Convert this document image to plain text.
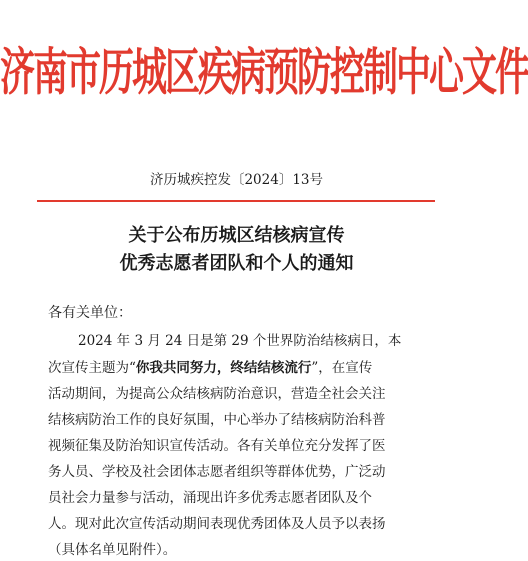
济南市历城区疾病预防控制中心文件
济历城疾控发〔2024〕13号
关于公布历城区结核病宣传
优秀志愿者团队和个人的通知
各有关单位：
2024 年 3 月 24 日是第 29 个世界防治结核病日，本
次宣传主题为“你我共同努力，终结结核流行”，在宣传
活动期间，为提高公众结核病防治意识，营造全社会关注
结核病防治工作的良好氛围，中心举办了结核病防治科普
视频征集及防治知识宣传活动。各有关单位充分发挥了医
务人员、学校及社会团体志愿者组织等群体优势，广泛动
员社会力量参与活动，涌现出许多优秀志愿者团队及个
人。现对此次宣传活动期间表现优秀团体及人员予以表扬
（具体名单见附件）。
